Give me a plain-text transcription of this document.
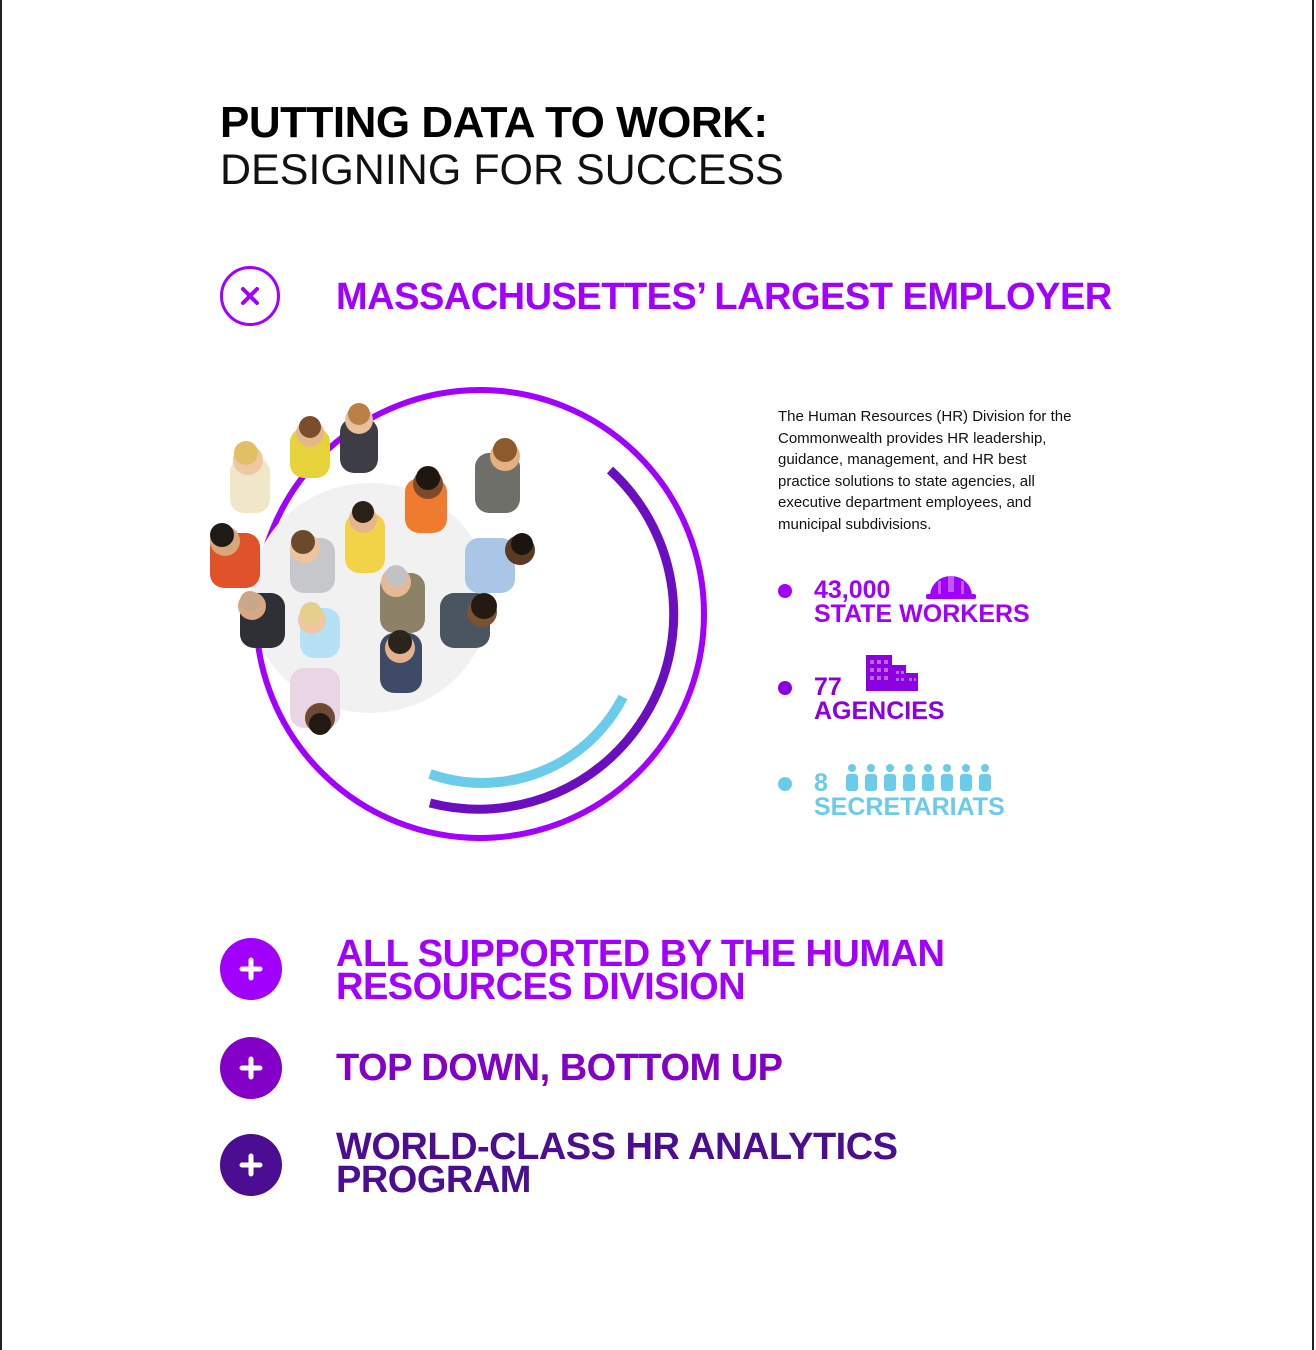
PUTTING DATA TO WORK:
DESIGNING FOR SUCCESS
MASSACHUSETTES’ LARGEST EMPLOYER
The Human Resources (HR) Division for the Commonwealth provides HR leadership, guidance, management, and HR best practice solutions to state agencies, all executive department employees, and municipal subdivisions.
43,000
STATE WORKERS
77
AGENCIES
8
SECRETARIATS
ALL SUPPORTED BY THE HUMAN
RESOURCES DIVISION
TOP DOWN, BOTTOM UP
WORLD-CLASS HR ANALYTICS
PROGRAM
